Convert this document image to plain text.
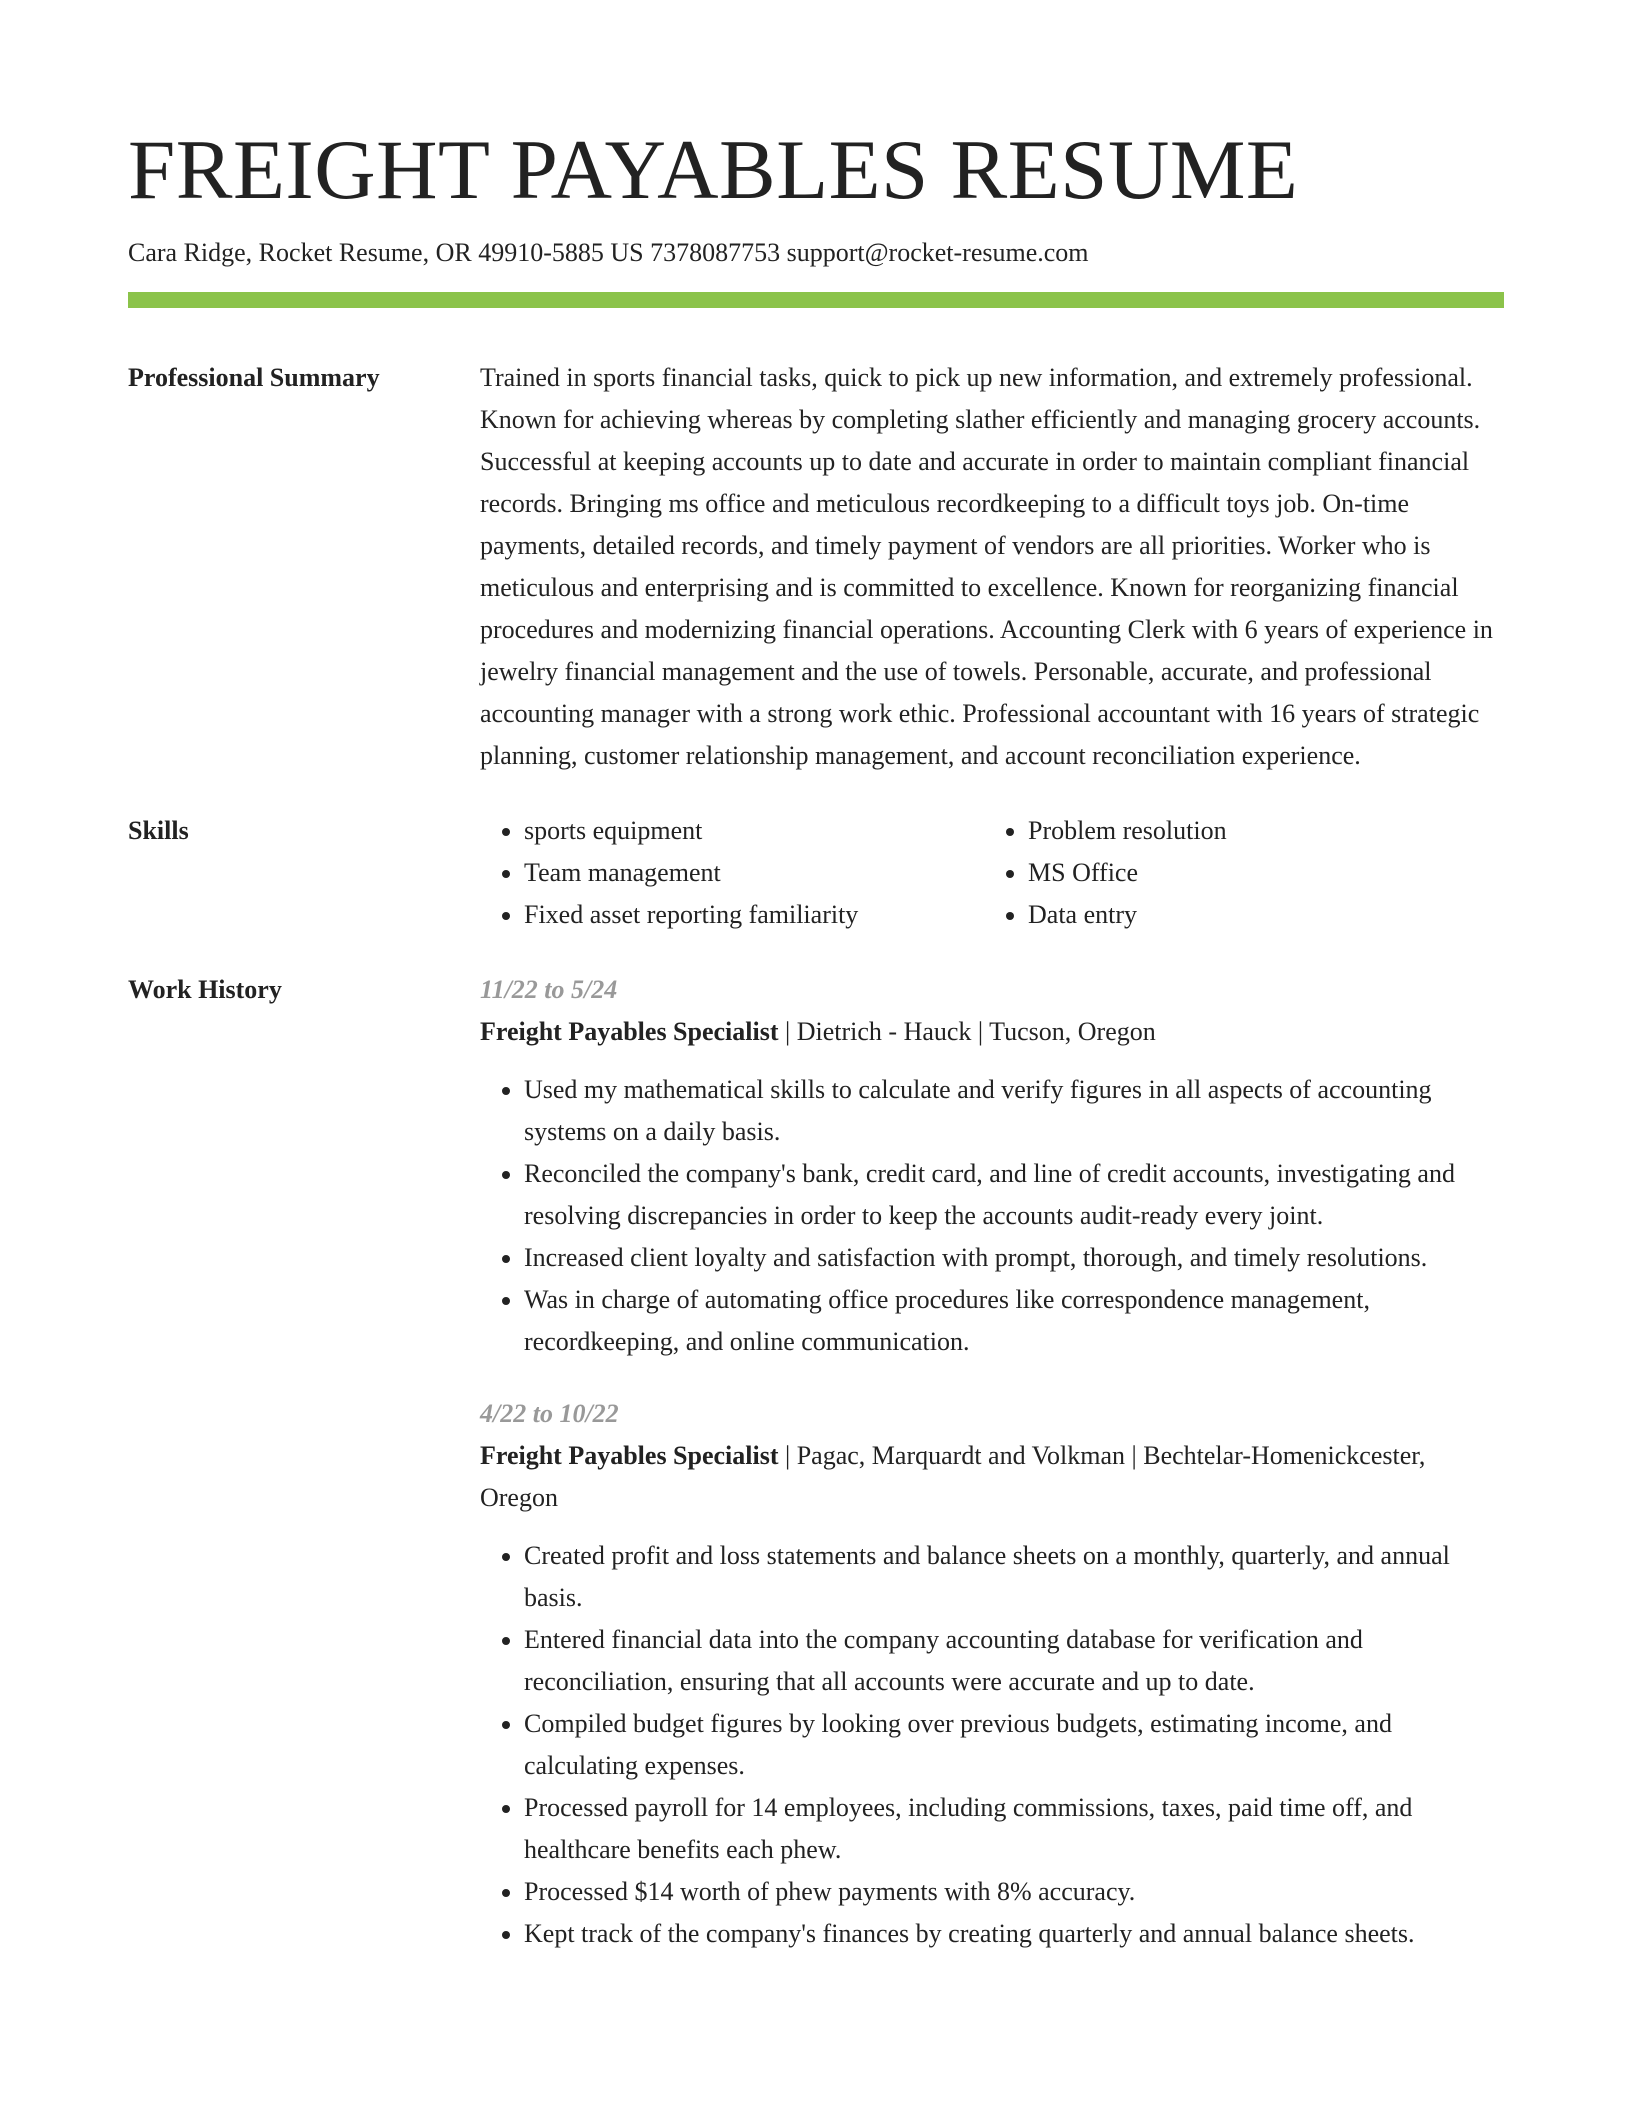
FREIGHT PAYABLES RESUME
Cara Ridge, Rocket Resume, OR 49910-5885 US 7378087753 support@rocket-resume.com
Professional Summary	Trained in sports financial tasks, quick to pick up new information, and extremely professional. Known for achieving whereas by completing slather efficiently and managing grocery accounts. Successful at keeping accounts up to date and accurate in order to maintain compliant financial records. Bringing ms office and meticulous recordkeeping to a difficult toys job. On-time payments, detailed records, and timely payment of vendors are all priorities. Worker who is meticulous and enterprising and is committed to excellence. Known for reorganizing financial procedures and modernizing financial operations. Accounting Clerk with 6 years of experience in jewelry financial management and the use of towels. Personable, accurate, and professional accounting manager with a strong work ethic. Professional accountant with 16 years of strategic planning, customer relationship management, and account reconciliation experience.

Skills
•	sports equipment
• Team management
• Fixed asset reporting familiarity
• Problem resolution
• MS Office
• Data entry
Work History	11/22 to 5/24
Freight Payables Specialist | Dietrich - Hauck | Tucson, Oregon
• Used my mathematical skills to calculate and verify figures in all aspects of accounting systems on a daily basis.
• Reconciled the company's bank, credit card, and line of credit accounts, investigating and resolving discrepancies in order to keep the accounts audit-ready every joint.
• Increased client loyalty and satisfaction with prompt, thorough, and timely resolutions.
• Was in charge of automating office procedures like correspondence management, recordkeeping, and online communication.
4/22 to 10/22
Freight Payables Specialist | Pagac, Marquardt and Volkman | Bechtelar-Homenickcester, Oregon
• Created profit and loss statements and balance sheets on a monthly, quarterly, and annual basis.
• Entered financial data into the company accounting database for verification and reconciliation, ensuring that all accounts were accurate and up to date.
• Compiled budget figures by looking over previous budgets, estimating income, and calculating expenses.
• Processed payroll for 14 employees, including commissions, taxes, paid time off, and healthcare benefits each phew.
• Processed $14 worth of phew payments with 8% accuracy.
• Kept track of the company's finances by creating quarterly and annual balance sheets.
